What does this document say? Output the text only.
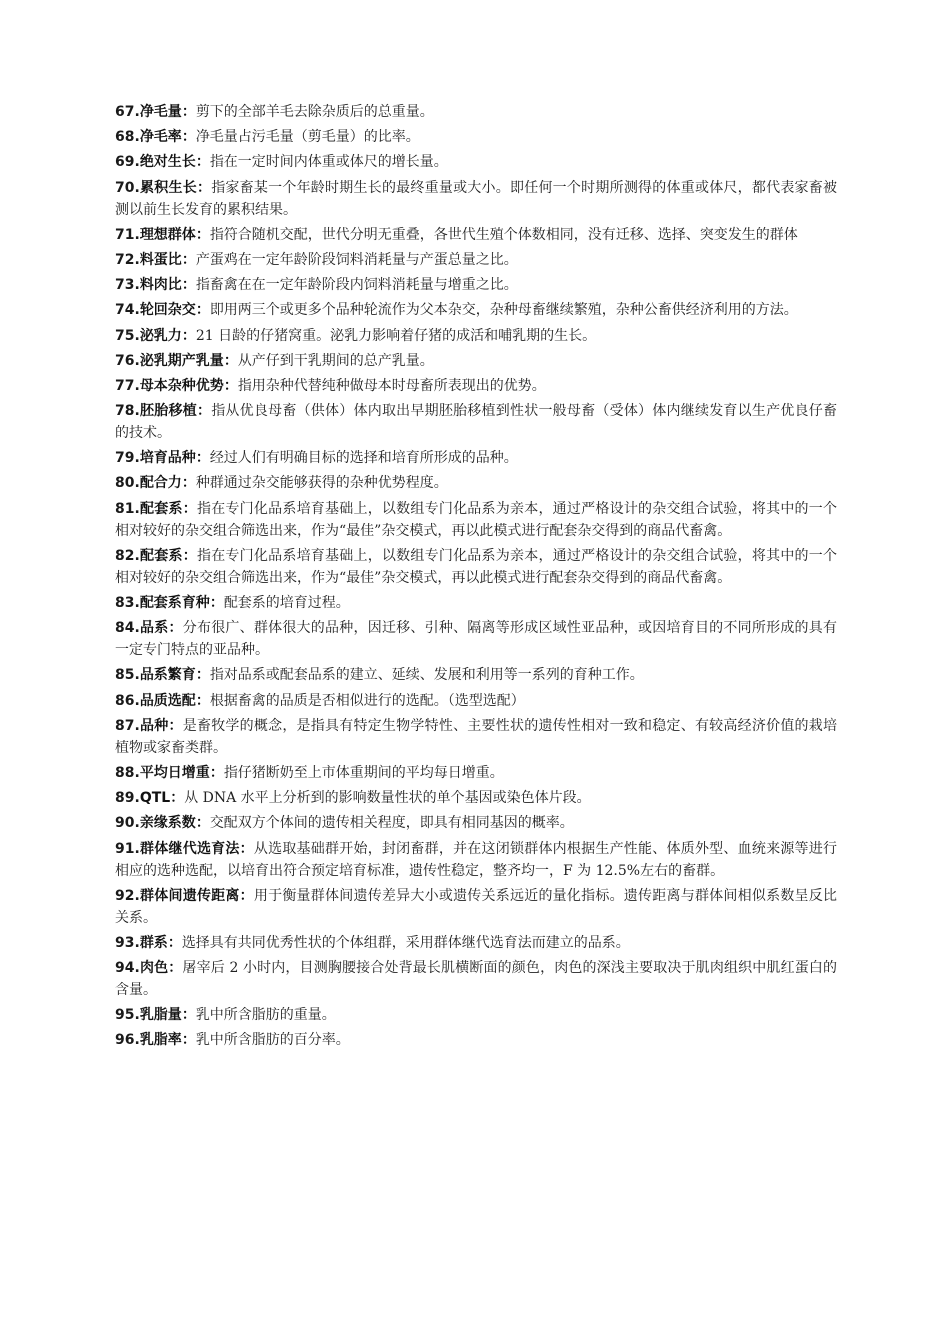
67.净毛量：剪下的全部羊毛去除杂质后的总重量。

68.净毛率：净毛量占污毛量（剪毛量）的比率。

69.绝对生长：指在一定时间内体重或体尺的增长量。

70.累积生长：指家畜某一个年龄时期生长的最终重量或大小。即任何一个时期所测得的体重或体尺，都代表家畜被测以前生长发育的累积结果。

71.理想群体：指符合随机交配，世代分明无重叠，各世代生殖个体数相同，没有迁移、选择、突变发生的群体

72.料蛋比：产蛋鸡在一定年龄阶段饲料消耗量与产蛋总量之比。

73.料肉比：指畜禽在在一定年龄阶段内饲料消耗量与增重之比。

74.轮回杂交：即用两三个或更多个品种轮流作为父本杂交，杂种母畜继续繁殖，杂种公畜供经济利用的方法。

75.泌乳力：21 日龄的仔猪窝重。泌乳力影响着仔猪的成活和哺乳期的生长。

76.泌乳期产乳量：从产仔到干乳期间的总产乳量。

77.母本杂种优势：指用杂种代替纯种做母本时母畜所表现出的优势。

78.胚胎移植：指从优良母畜（供体）体内取出早期胚胎移植到性状一般母畜（受体）体内继续发育以生产优良仔畜的技术。

79.培育品种：经过人们有明确目标的选择和培育所形成的品种。

80.配合力：种群通过杂交能够获得的杂种优势程度。

81.配套系：指在专门化品系培育基础上，以数组专门化品系为亲本，通过严格设计的杂交组合试验，将其中的一个相对较好的杂交组合筛选出来，作为“最佳”杂交模式，再以此模式进行配套杂交得到的商品代畜禽。

82.配套系：指在专门化品系培育基础上，以数组专门化品系为亲本，通过严格设计的杂交组合试验，将其中的一个相对较好的杂交组合筛选出来，作为“最佳”杂交模式，再以此模式进行配套杂交得到的商品代畜禽。

83.配套系育种：配套系的培育过程。

84.品系：分布很广、群体很大的品种，因迁移、引种、隔离等形成区域性亚品种，或因培育目的不同所形成的具有一定专门特点的亚品种。

85.品系繁育：指对品系或配套品系的建立、延续、发展和利用等一系列的育种工作。

86.品质选配：根据畜禽的品质是否相似进行的选配。（选型选配）

87.品种：是畜牧学的概念，是指具有特定生物学特性、主要性状的遗传性相对一致和稳定、有较高经济价值的栽培植物或家畜类群。

88.平均日增重：指仔猪断奶至上市体重期间的平均每日增重。

89.QTL：从 DNA 水平上分析到的影响数量性状的单个基因或染色体片段。

90.亲缘系数：交配双方个体间的遗传相关程度，即具有相同基因的概率。

91.群体继代选育法：从选取基础群开始，封闭畜群，并在这闭锁群体内根据生产性能、体质外型、血统来源等进行相应的选种选配，以培育出符合预定培育标准，遗传性稳定，整齐均一，F 为 12.5%左右的畜群。

92.群体间遗传距离：用于衡量群体间遗传差异大小或遗传关系远近的量化指标。遗传距离与群体间相似系数呈反比关系。

93.群系：选择具有共同优秀性状的个体组群，采用群体继代选育法而建立的品系。

94.肉色：屠宰后 2 小时内，目测胸腰接合处背最长肌横断面的颜色，肉色的深浅主要取决于肌肉组织中肌红蛋白的含量。

95.乳脂量：乳中所含脂肪的重量。

96.乳脂率：乳中所含脂肪的百分率。
